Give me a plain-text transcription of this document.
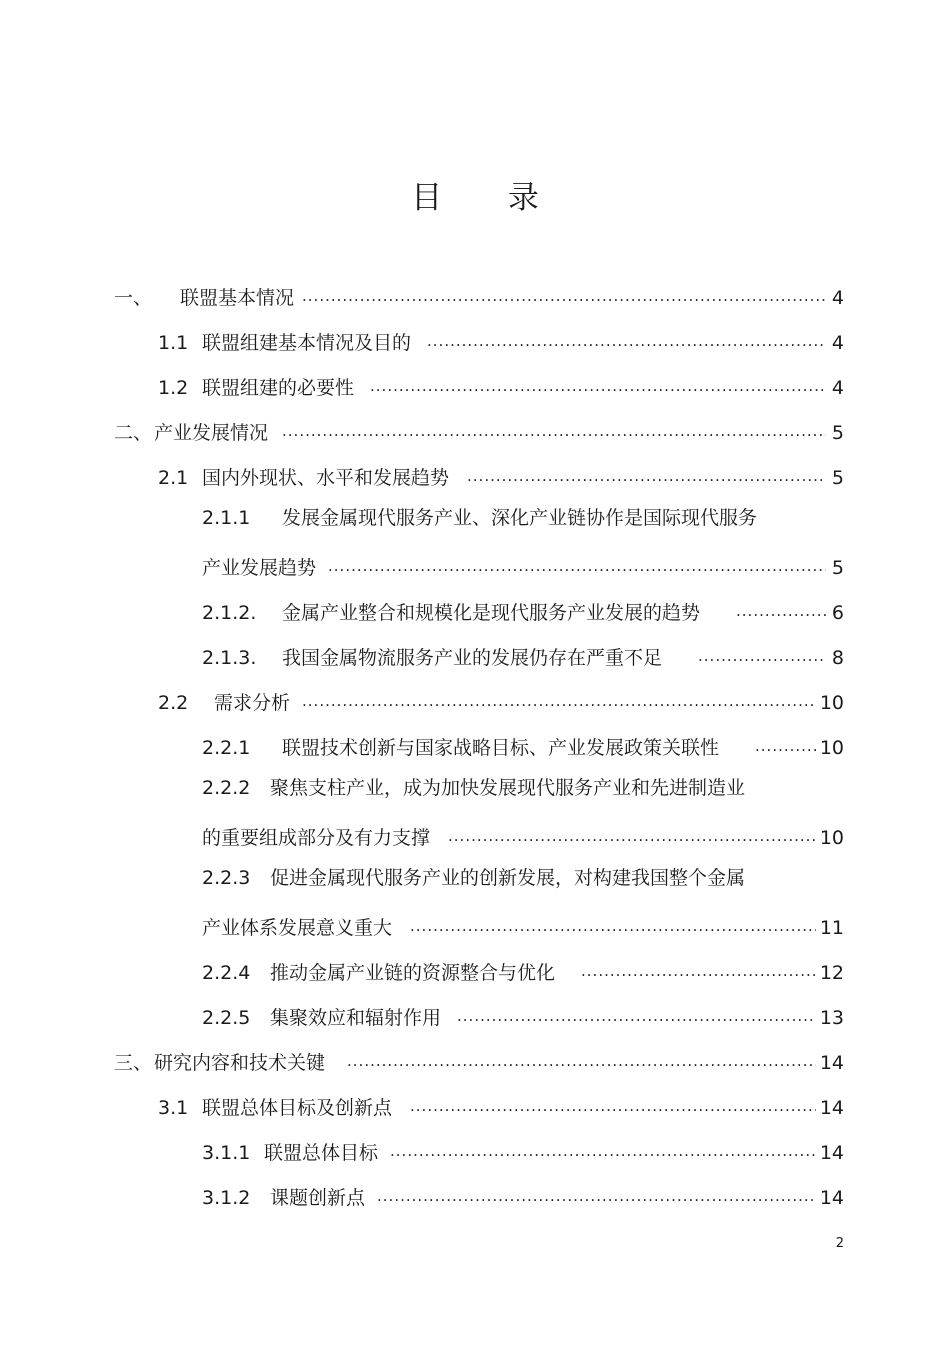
目 录
一、	联盟基本情况 .....	4
1.1 联盟组建基本情况及目的 .....	4
1.2 联盟组建的必要性 .....	4
二、 产业发展情况 .....	5
2.1 国内外现状、水平和发展趋势 .....	5
2.1.1 发展金属现代服务产业、深化产业链协作是国际现代服务
产业发展趋势 .....	5
2.1.2.	金属产业整合和规模化是现代服务产业发展的趋势 .....	6
2.1.3.	我国金属物流服务产业的发展仍存在严重不足 .....	8
2.2	需求分析 .....	10
2.2.1	联盟技术创新与国家战略目标、产业发展政策关联性 .....	10
2.2.2 聚焦支柱产业，成为加快发展现代服务产业和先进制造业
的重要组成部分及有力支撑 .....	10
2.2.3 促进金属现代服务产业的创新发展，对构建我国整个金属
产业体系发展意义重大 .....	11
2.2.4	推动金属产业链的资源整合与优化 .....	12
2.2.5	集聚效应和辐射作用 .....	13
三、 研究内容和技术关键 .....	14
3.1 联盟总体目标及创新点 .....	14
3.1.1 联盟总体目标 .....	14
3.1.2	课题创新点 .....	14
2
